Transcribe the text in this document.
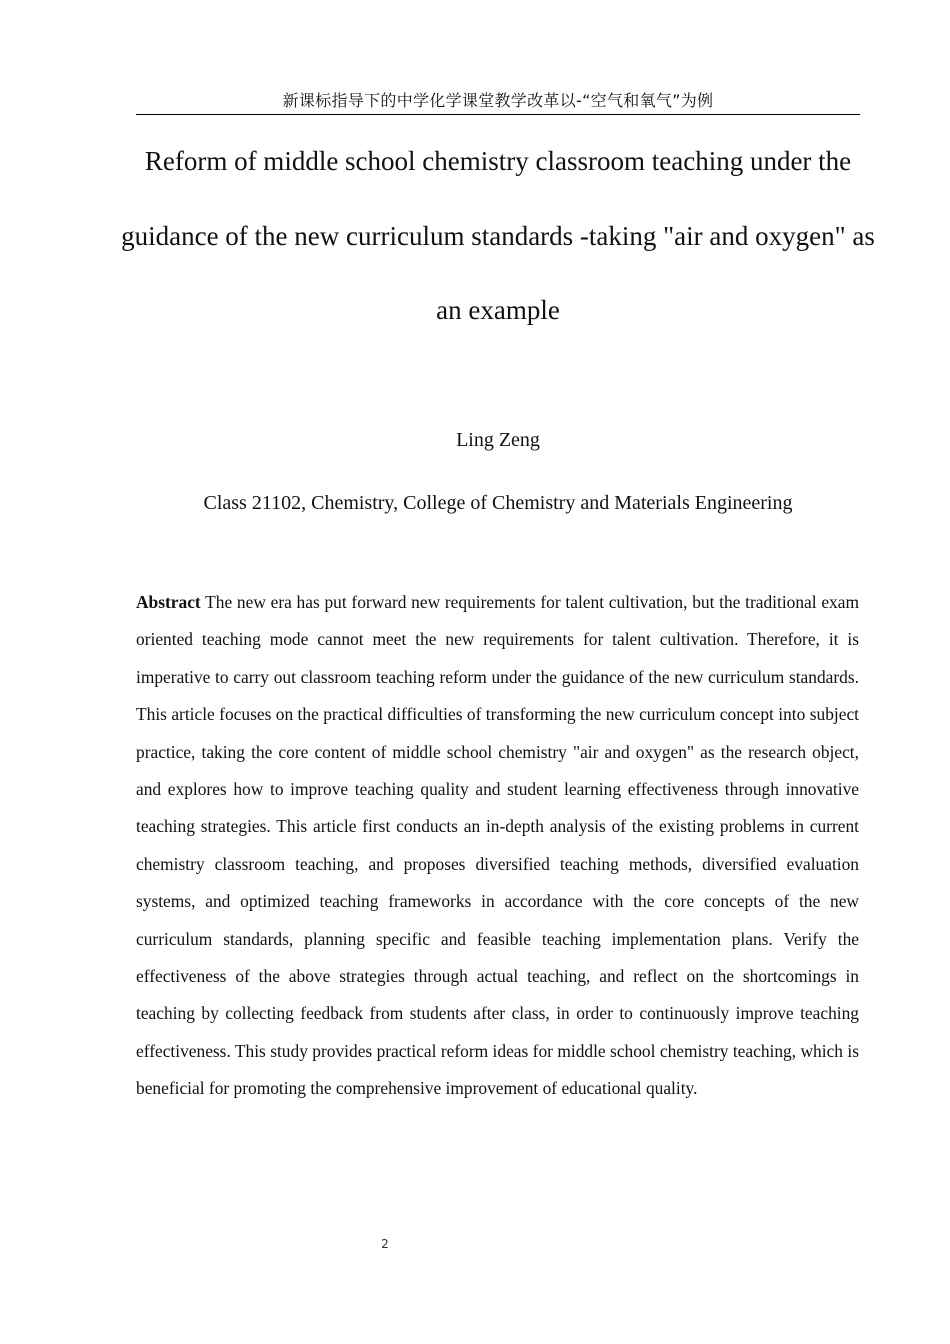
新课标指导下的中学化学课堂教学改革以-“空气和氧气”为例
Reform of middle school chemistry classroom teaching under the guidance of the new curriculum standards -taking "air and oxygen" as an example
Ling Zeng
Class 21102, Chemistry, College of Chemistry and Materials Engineering

Abstract The new era has put forward new requirements for talent cultivation, but the traditional exam oriented teaching mode cannot meet the new requirements for talent cultivation. Therefore, it is imperative to carry out classroom teaching reform under the guidance of the new curriculum standards. This article focuses on the practical difficulties of transforming the new curriculum concept into subject practice, taking the core content of middle school chemistry "air and oxygen" as the research object, and explores how to improve teaching quality and student learning effectiveness through innovative teaching strategies. This article first conducts an in-depth analysis of the existing problems in current chemistry classroom teaching, and proposes diversified teaching methods, diversified evaluation systems, and optimized teaching frameworks in accordance with the core concepts of the new curriculum standards, planning specific and feasible teaching implementation plans. Verify the effectiveness of the above strategies through actual teaching, and reflect on the shortcomings in teaching by collecting feedback from students after class, in order to continuously improve teaching effectiveness. This study provides practical reform ideas for middle school chemistry teaching, which is beneficial for promoting the comprehensive improvement of educational quality.

2
